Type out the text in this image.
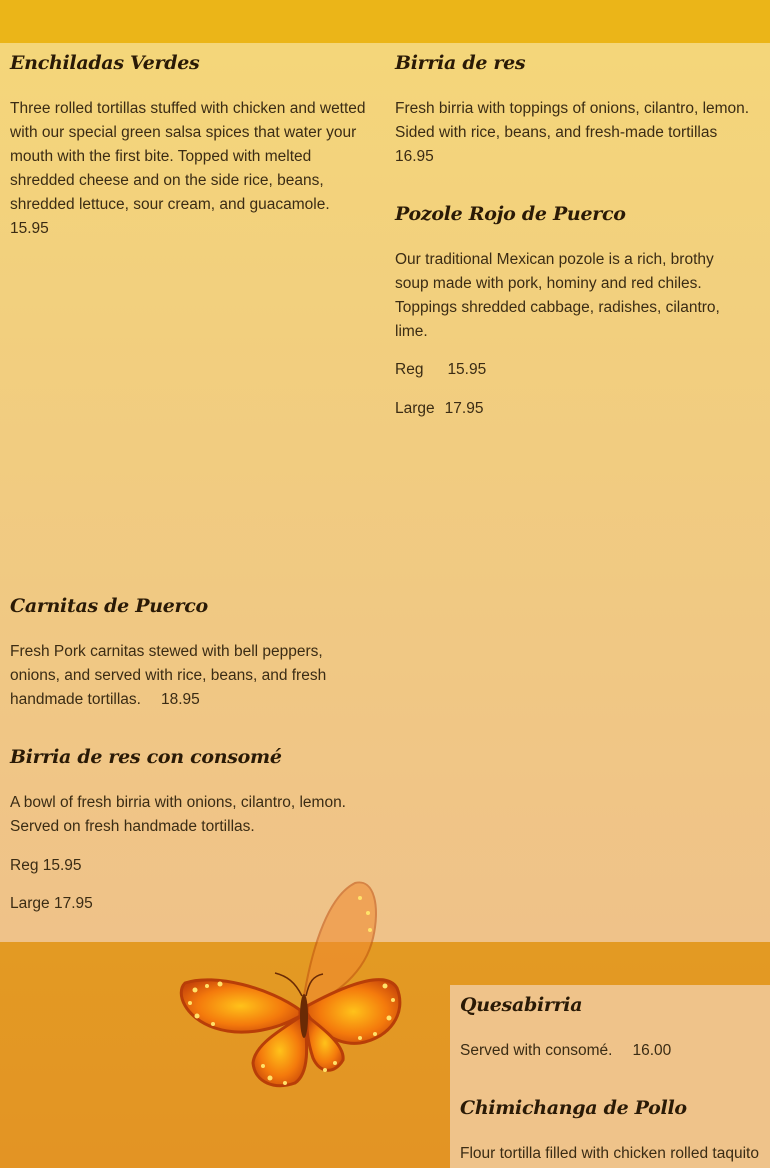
Enchiladas Verdes
Three rolled tortillas stuffed with chicken and wetted with our special green salsa spices that water your mouth with the first bite. Topped with melted shredded cheese and on the side rice, beans, shredded lettuce, sour cream, and guacamole.
15.95
Birria de res
Fresh birria with toppings of onions, cilantro, lemon. Sided with rice, beans, and fresh-made tortillas
16.95
Pozole Rojo de Puerco
Our traditional Mexican pozole is a rich, brothy soup made with pork, hominy and red chiles. Toppings shredded cabbage, radishes, cilantro, lime.
Reg 15.95
Large 17.95
Carnitas de Puerco
Fresh Pork carnitas stewed with bell peppers, onions, and served with rice, beans, and fresh handmade tortillas. 18.95
Birria de res con consomé
A bowl of fresh birria with onions, cilantro, lemon. Served on fresh handmade tortillas.
Reg 15.95
Large 17.95
Quesabirria
Served with consomé. 16.00
Chimichanga de Pollo
Flour tortilla filled with chicken rolled taquito
